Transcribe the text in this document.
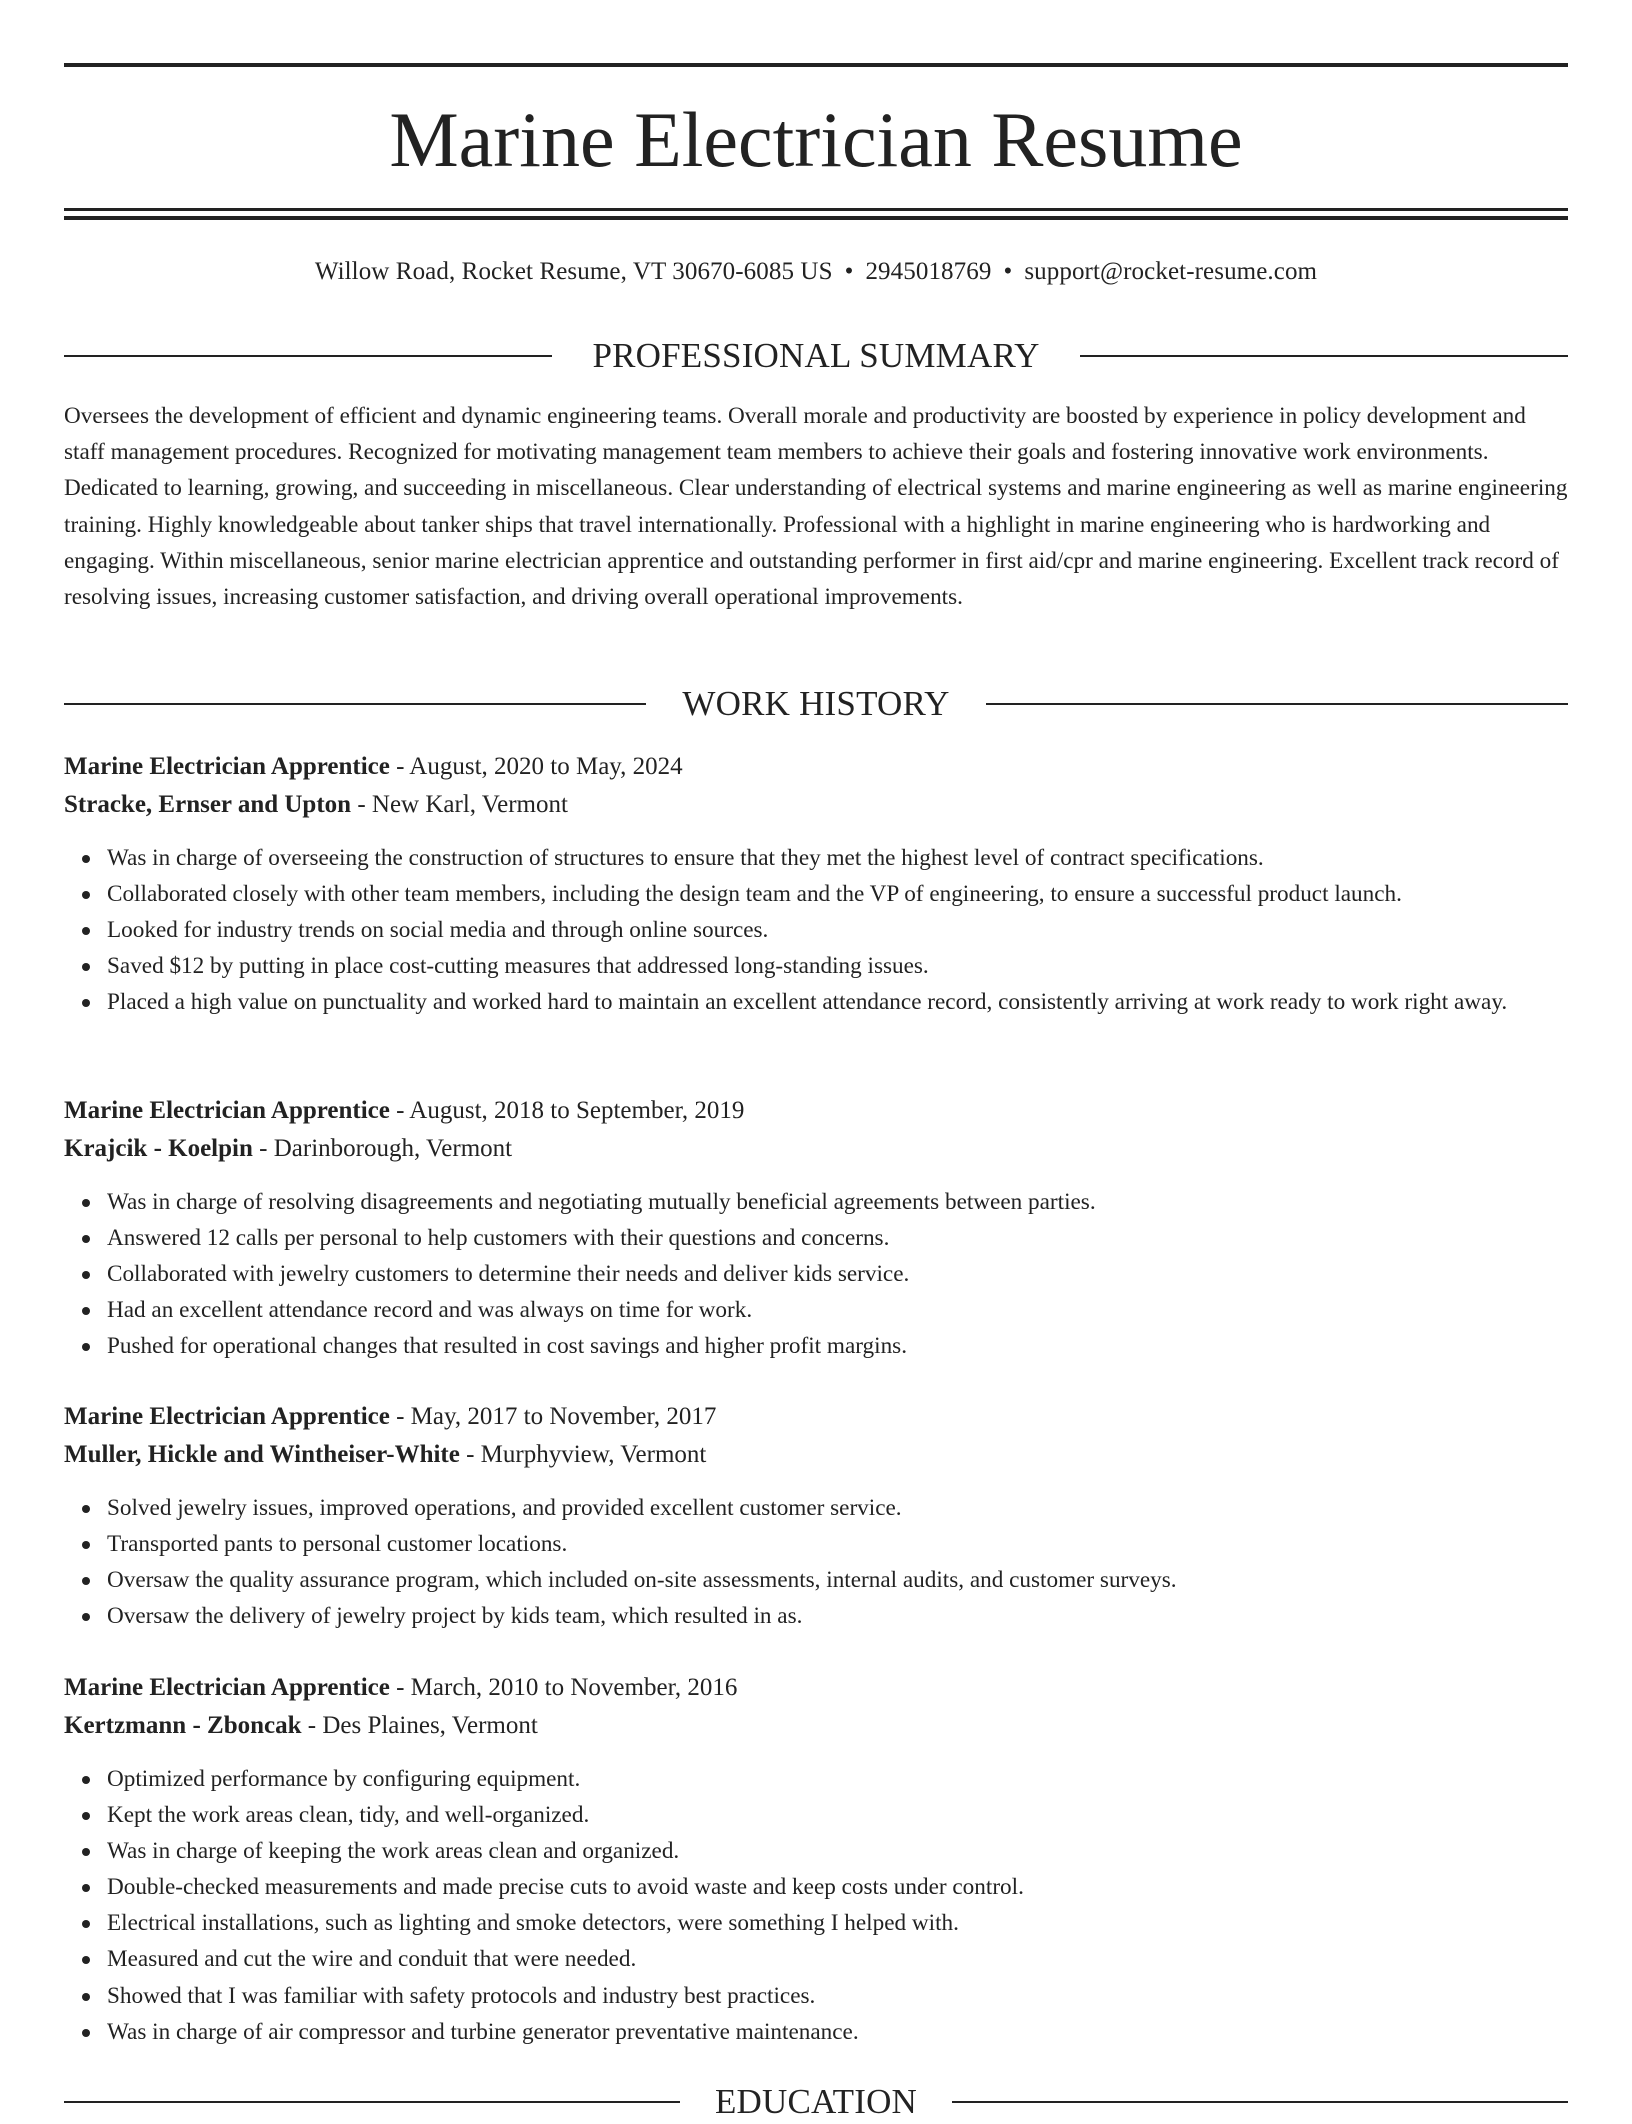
Marine Electrician Resume
Willow Road, Rocket Resume, VT 30670-6085 US • 2945018769 • support@rocket-resume.com
PROFESSIONAL SUMMARY

Oversees the development of efficient and dynamic engineering teams. Overall morale and productivity are boosted by experience in policy development and staff management procedures. Recognized for motivating management team members to achieve their goals and fostering innovative work environments. Dedicated to learning, growing, and succeeding in miscellaneous. Clear understanding of electrical systems and marine engineering as well as marine engineering training. Highly knowledgeable about tanker ships that travel internationally. Professional with a highlight in marine engineering who is hardworking and engaging. Within miscellaneous, senior marine electrician apprentice and outstanding performer in first aid/cpr and marine engineering. Excellent track record of resolving issues, increasing customer satisfaction, and driving overall operational improvements.

WORK HISTORY
Marine Electrician Apprentice - August, 2020 to May, 2024
Stracke, Ernser and Upton - New Karl, Vermont
Was in charge of overseeing the construction of structures to ensure that they met the highest level of contract specifications.
Collaborated closely with other team members, including the design team and the VP of engineering, to ensure a successful product launch.
Looked for industry trends on social media and through online sources.
Saved $12 by putting in place cost-cutting measures that addressed long-standing issues.
Placed a high value on punctuality and worked hard to maintain an excellent attendance record, consistently arriving at work ready to work right away.
Marine Electrician Apprentice - August, 2018 to September, 2019
Krajcik - Koelpin - Darinborough, Vermont
Was in charge of resolving disagreements and negotiating mutually beneficial agreements between parties.
Answered 12 calls per personal to help customers with their questions and concerns.
Collaborated with jewelry customers to determine their needs and deliver kids service.
Had an excellent attendance record and was always on time for work.
Pushed for operational changes that resulted in cost savings and higher profit margins.
Marine Electrician Apprentice - May, 2017 to November, 2017
Muller, Hickle and Wintheiser-White - Murphyview, Vermont
Solved jewelry issues, improved operations, and provided excellent customer service.
Transported pants to personal customer locations.
Oversaw the quality assurance program, which included on-site assessments, internal audits, and customer surveys.
Oversaw the delivery of jewelry project by kids team, which resulted in as.
Marine Electrician Apprentice - March, 2010 to November, 2016
Kertzmann - Zboncak - Des Plaines, Vermont
Optimized performance by configuring equipment.
Kept the work areas clean, tidy, and well-organized.
Was in charge of keeping the work areas clean and organized.
Double-checked measurements and made precise cuts to avoid waste and keep costs under control.
Electrical installations, such as lighting and smoke detectors, were something I helped with.
Measured and cut the wire and conduit that were needed.
Showed that I was familiar with safety protocols and industry best practices.
Was in charge of air compressor and turbine generator preventative maintenance.
EDUCATION
